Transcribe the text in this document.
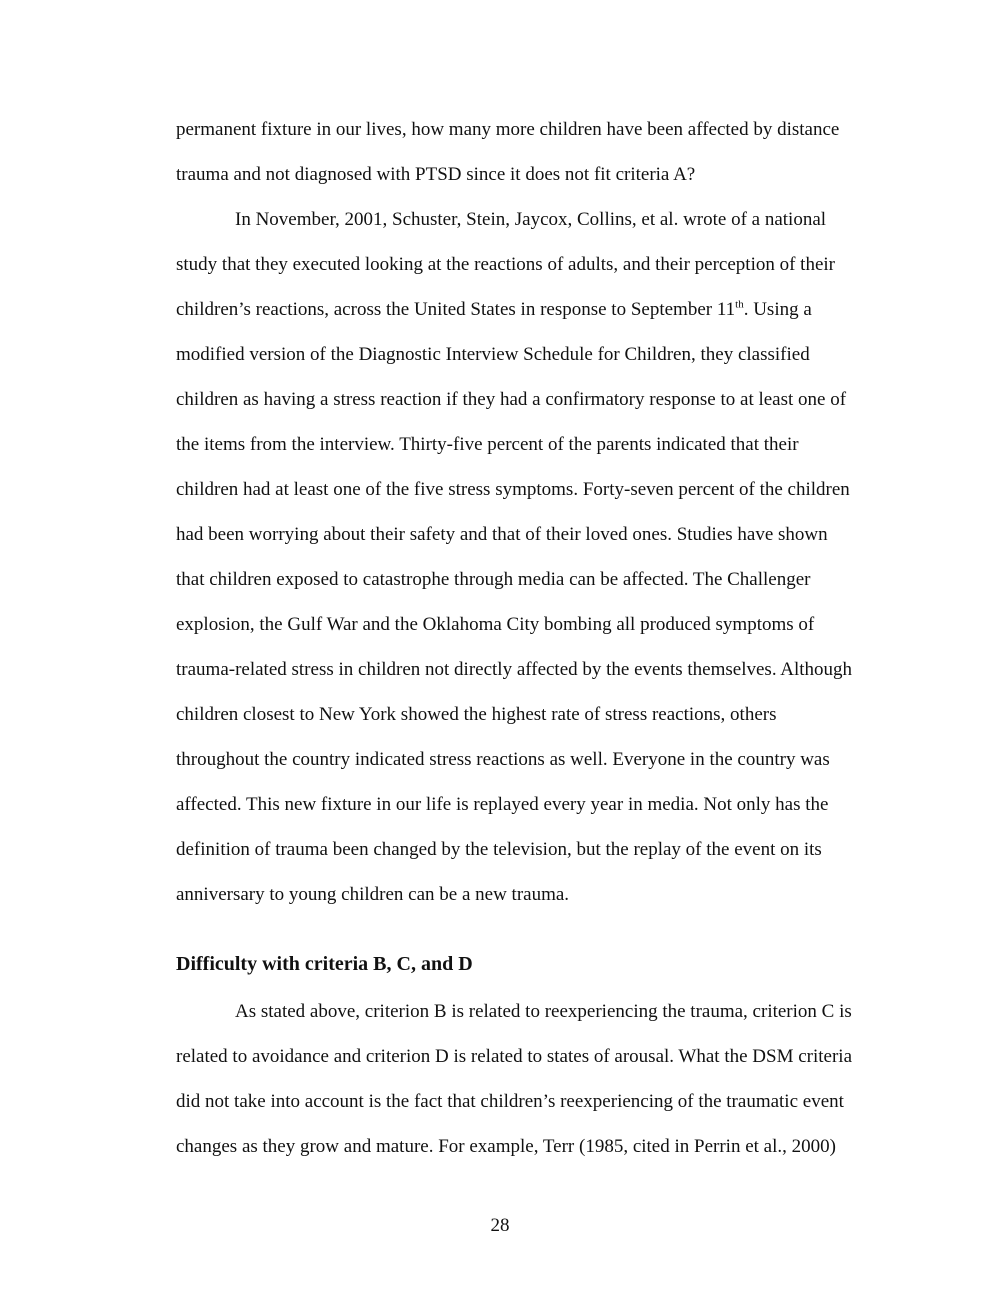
permanent fixture in our lives, how many more children have been affected by distance
trauma and not diagnosed with PTSD since it does not fit criteria A?
In November, 2001, Schuster, Stein, Jaycox, Collins, et al. wrote of a national
study that they executed looking at the reactions of adults, and their perception of their
children’s reactions, across the United States in response to September 11th. Using a
modified version of the Diagnostic Interview Schedule for Children, they classified
children as having a stress reaction if they had a confirmatory response to at least one of
the items from the interview. Thirty-five percent of the parents indicated that their
children had at least one of the five stress symptoms. Forty-seven percent of the children
had been worrying about their safety and that of their loved ones. Studies have shown
that children exposed to catastrophe through media can be affected. The Challenger
explosion, the Gulf War and the Oklahoma City bombing all produced symptoms of
trauma-related stress in children not directly affected by the events themselves. Although
children closest to New York showed the highest rate of stress reactions, others
throughout the country indicated stress reactions as well. Everyone in the country was
affected. This new fixture in our life is replayed every year in media. Not only has the
definition of trauma been changed by the television, but the replay of the event on its
anniversary to young children can be a new trauma.
Difficulty with criteria B, C, and D
As stated above, criterion B is related to reexperiencing the trauma, criterion C is
related to avoidance and criterion D is related to states of arousal. What the DSM criteria
did not take into account is the fact that children’s reexperiencing of the traumatic event
changes as they grow and mature. For example, Terr (1985, cited in Perrin et al., 2000)
28
